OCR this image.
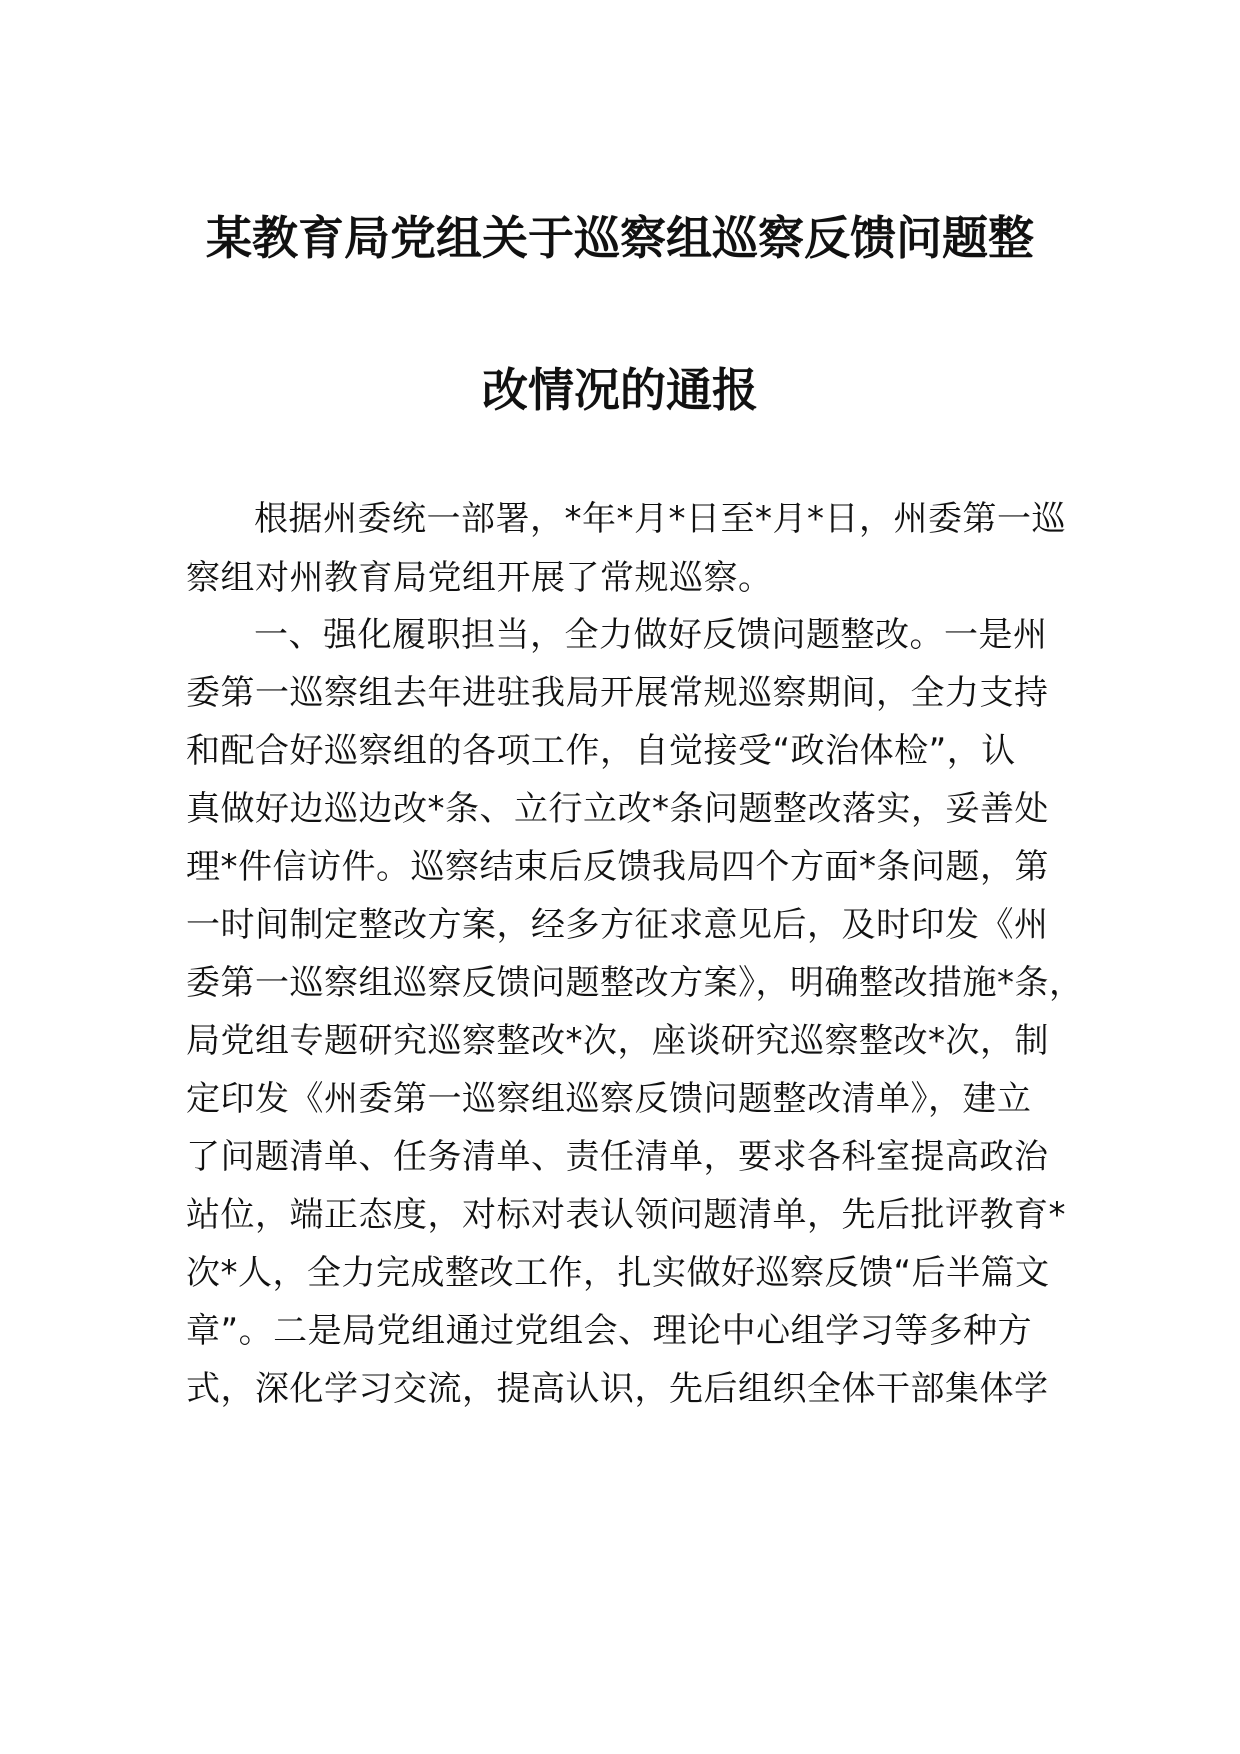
某教育局党组关于巡察组巡察反馈问题整
改情况的通报
根据州委统一部署，*年*月*日至*月*日，州委第一巡
察组对州教育局党组开展了常规巡察。
一、强化履职担当，全力做好反馈问题整改。一是州
委第一巡察组去年进驻我局开展常规巡察期间，全力支持
和配合好巡察组的各项工作，自觉接受“政治体检”，认
真做好边巡边改*条、立行立改*条问题整改落实，妥善处
理*件信访件。巡察结束后反馈我局四个方面*条问题，第
一时间制定整改方案，经多方征求意见后，及时印发《州
委第一巡察组巡察反馈问题整改方案》，明确整改措施*条，
局党组专题研究巡察整改*次，座谈研究巡察整改*次，制
定印发《州委第一巡察组巡察反馈问题整改清单》，建立
了问题清单、任务清单、责任清单，要求各科室提高政治
站位，端正态度，对标对表认领问题清单，先后批评教育*
次*人，全力完成整改工作，扎实做好巡察反馈“后半篇文
章”。二是局党组通过党组会、理论中心组学习等多种方
式，深化学习交流，提高认识，先后组织全体干部集体学
